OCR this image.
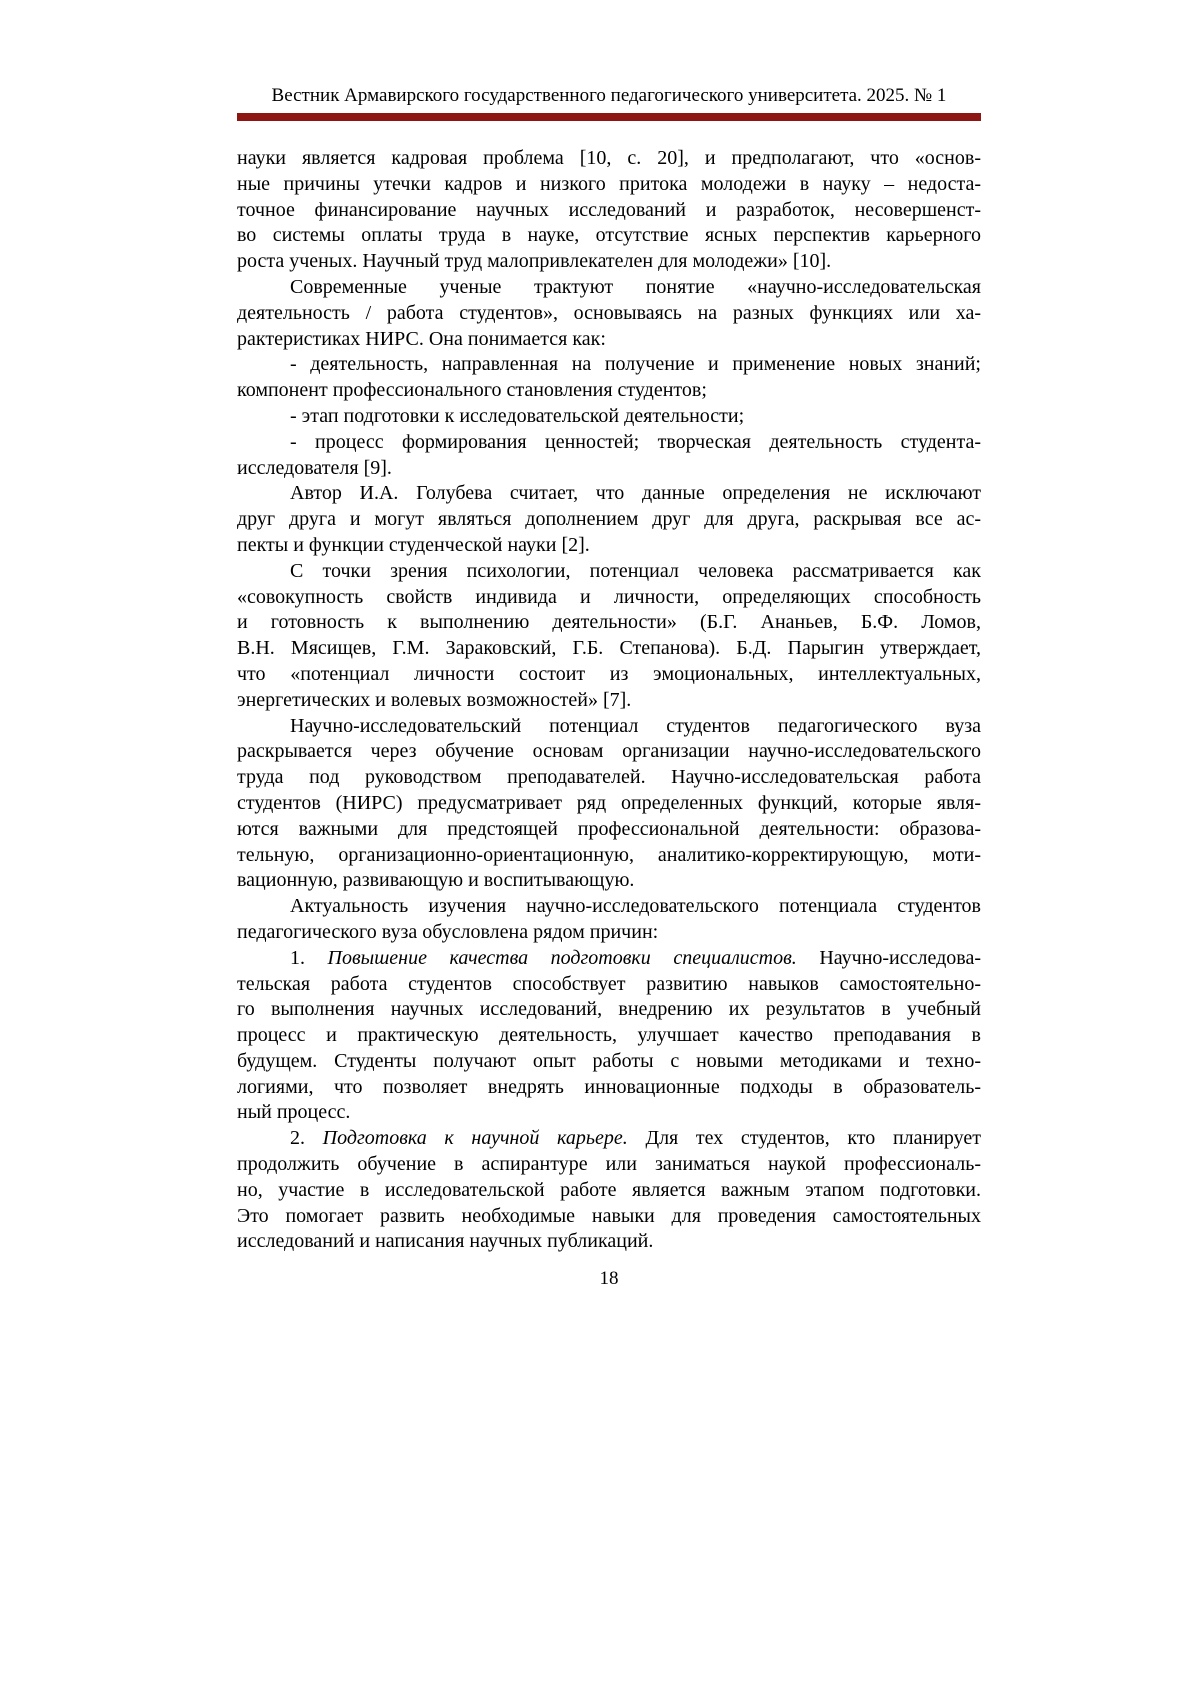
Вестник Армавирского государственного педагогического университета. 2025. № 1
науки является кадровая проблема [10, с. 20], и предполагают, что «основ-
ные причины утечки кадров и низкого притока молодежи в науку – недоста-
точное финансирование научных исследований и разработок, несовершенст-
во системы оплаты труда в науке, отсутствие ясных перспектив карьерного
роста ученых. Научный труд малопривлекателен для молодежи» [10].
Современные ученые трактуют понятие «научно-исследовательская
деятельность / работа студентов», основываясь на разных функциях или ха-
рактеристиках НИРС. Она понимается как:
- деятельность, направленная на получение и применение новых знаний;
компонент профессионального становления студентов;
- этап подготовки к исследовательской деятельности;
- процесс формирования ценностей; творческая деятельность студента-
исследователя [9].
Автор И.А. Голубева считает, что данные определения не исключают
друг друга и могут являться дополнением друг для друга, раскрывая все ас-
пекты и функции студенческой науки [2].
С точки зрения психологии, потенциал человека рассматривается как
«совокупность свойств индивида и личности, определяющих способность
и готовность к выполнению деятельности» (Б.Г. Ананьев, Б.Ф. Ломов,
В.Н. Мясищев, Г.М. Зараковский, Г.Б. Степанова). Б.Д. Парыгин утверждает,
что «потенциал личности состоит из эмоциональных, интеллектуальных,
энергетических и волевых возможностей» [7].
Научно-исследовательский потенциал студентов педагогического вуза
раскрывается через обучение основам организации научно-исследовательского
труда под руководством преподавателей. Научно-исследовательская работа
студентов (НИРС) предусматривает ряд определенных функций, которые явля-
ются важными для предстоящей профессиональной деятельности: образова-
тельную, организационно-ориентационную, аналитико-корректирующую, моти-
вационную, развивающую и воспитывающую.
Актуальность изучения научно-исследовательского потенциала студентов
педагогического вуза обусловлена рядом причин:
1. Повышение качества подготовки специалистов. Научно-исследова-
тельская работа студентов способствует развитию навыков самостоятельно-
го выполнения научных исследований, внедрению их результатов в учебный
процесс и практическую деятельность, улучшает качество преподавания в
будущем. Студенты получают опыт работы с новыми методиками и техно-
логиями, что позволяет внедрять инновационные подходы в образователь-
ный процесс.
2. Подготовка к научной карьере. Для тех студентов, кто планирует
продолжить обучение в аспирантуре или заниматься наукой профессиональ-
но, участие в исследовательской работе является важным этапом подготовки.
Это помогает развить необходимые навыки для проведения самостоятельных
исследований и написания научных публикаций.
18
